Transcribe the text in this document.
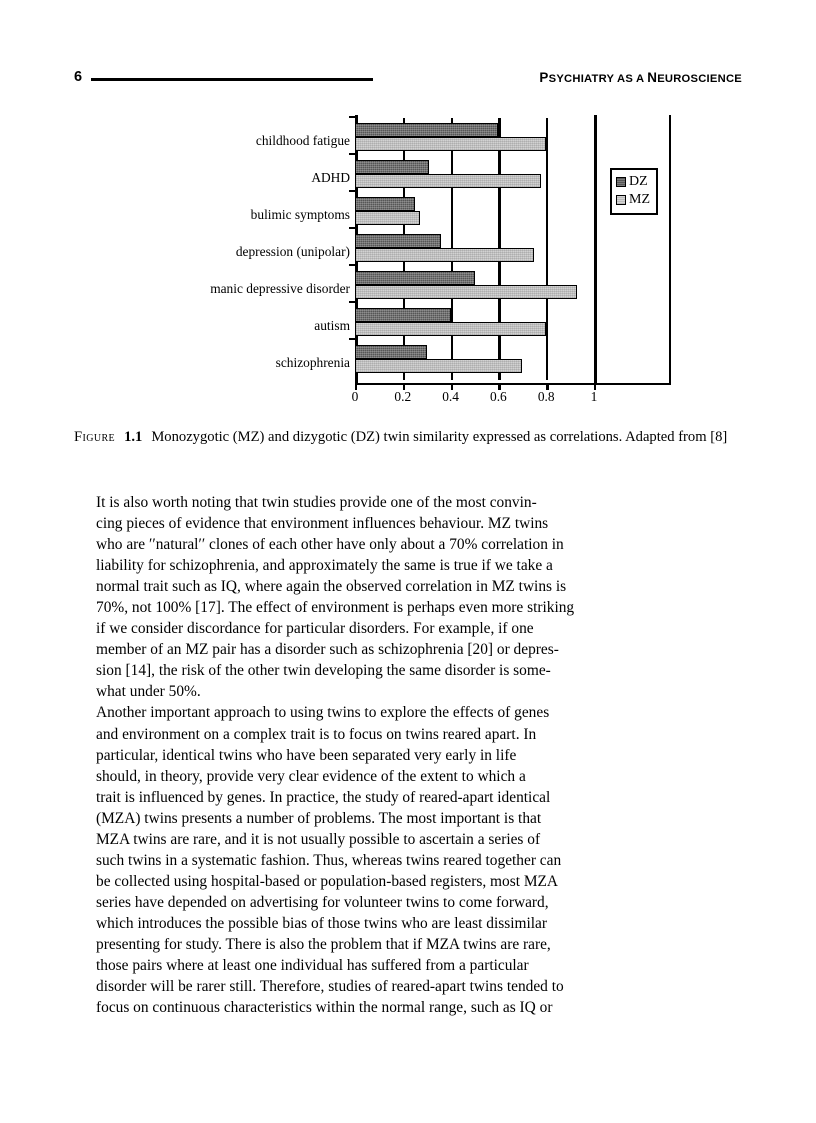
6	PSYCHIATRY AS A NEUROSCIENCE
childhood fatigue
ADHD
bulimic symptoms
depression (unipolar)
manic depressive disorder
autism
schizophrenia
0	0.2 0.4 0.6 0.8	1
DZ
MZ
Figure 1.1 Monozygotic (MZ) and dizygotic (DZ) twin similarity expressed as correlations. Adapted from [8]

It is also worth noting that twin studies provide one of the most convin-
cing pieces of evidence that environment influences behaviour. MZ twins
who are ′′natural′′ clones of each other have only about a 70% correlation in
liability for schizophrenia, and approximately the same is true if we take a
normal trait such as IQ, where again the observed correlation in MZ twins is
70%, not 100% [17]. The effect of environment is perhaps even more striking
if we consider discordance for particular disorders. For example, if one
member of an MZ pair has a disorder such as schizophrenia [20] or depres-
sion [14], the risk of the other twin developing the same disorder is some-
what under 50%.

Another important approach to using twins to explore the effects of genes
and environment on a complex trait is to focus on twins reared apart. In
particular, identical twins who have been separated very early in life
should, in theory, provide very clear evidence of the extent to which a
trait is influenced by genes. In practice, the study of reared-apart identical
(MZA) twins presents a number of problems. The most important is that
MZA twins are rare, and it is not usually possible to ascertain a series of
such twins in a systematic fashion. Thus, whereas twins reared together can
be collected using hospital-based or population-based registers, most MZA
series have depended on advertising for volunteer twins to come forward,
which introduces the possible bias of those twins who are least dissimilar
presenting for study. There is also the problem that if MZA twins are rare,
those pairs where at least one individual has suffered from a particular
disorder will be rarer still. Therefore, studies of reared-apart twins tended to
focus on continuous characteristics within the normal range, such as IQ or
